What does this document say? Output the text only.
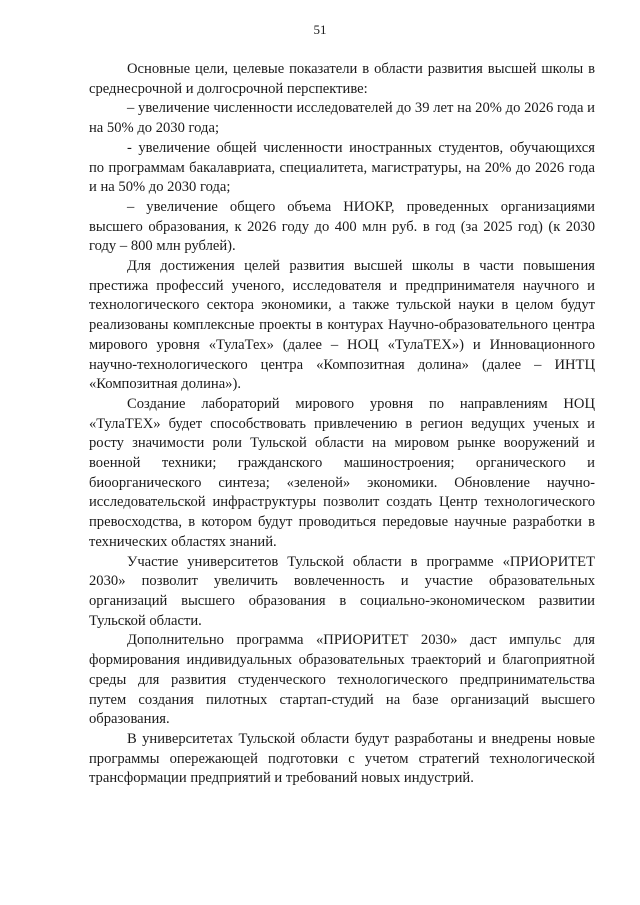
51

Основные цели, целевые показатели в области развития высшей школы в среднесрочной и долгосрочной перспективе:

– увеличение численности исследователей до 39 лет на 20% до 2026 года и на 50% до 2030 года;

- увеличение общей численности иностранных студентов, обучающихся по программам бакалавриата, специалитета, магистратуры, на 20% до 2026 года и на 50% до 2030 года;

– увеличение общего объема НИОКР, проведенных организациями высшего образования, к 2026 году до 400 млн руб. в год (за 2025 год) (к 2030 году – 800 млн рублей).

Для достижения целей развития высшей школы в части повышения престижа профессий ученого, исследователя и предпринимателя научного и технологического сектора экономики, а также тульской науки в целом будут реализованы комплексные проекты в контурах Научно-образовательного центра мирового уровня «ТулаТех» (далее – НОЦ «ТулаТЕХ») и Инновационного научно-технологического центра «Композитная долина» (далее – ИНТЦ «Композитная долина»).

Создание лабораторий мирового уровня по направлениям НОЦ «ТулаТЕХ» будет способствовать привлечению в регион ведущих ученых и росту значимости роли Тульской области на мировом рынке вооружений и военной техники; гражданского машиностроения; органического и биоорганического синтеза; «зеленой» экономики. Обновление научно-исследовательской инфраструктуры позволит создать Центр технологического превосходства, в котором будут проводиться передовые научные разработки в технических областях знаний.

Участие университетов Тульской области в программе «ПРИОРИТЕТ 2030» позволит увеличить вовлеченность и участие образовательных организаций высшего образования в социально-экономическом развитии Тульской области.

Дополнительно программа «ПРИОРИТЕТ 2030» даст импульс для формирования индивидуальных образовательных траекторий и благоприятной среды для развития студенческого технологического предпринимательства путем создания пилотных стартап-студий на базе организаций высшего образования.

В университетах Тульской области будут разработаны и внедрены новые программы опережающей подготовки с учетом стратегий технологической трансформации предприятий и требований новых индустрий.
